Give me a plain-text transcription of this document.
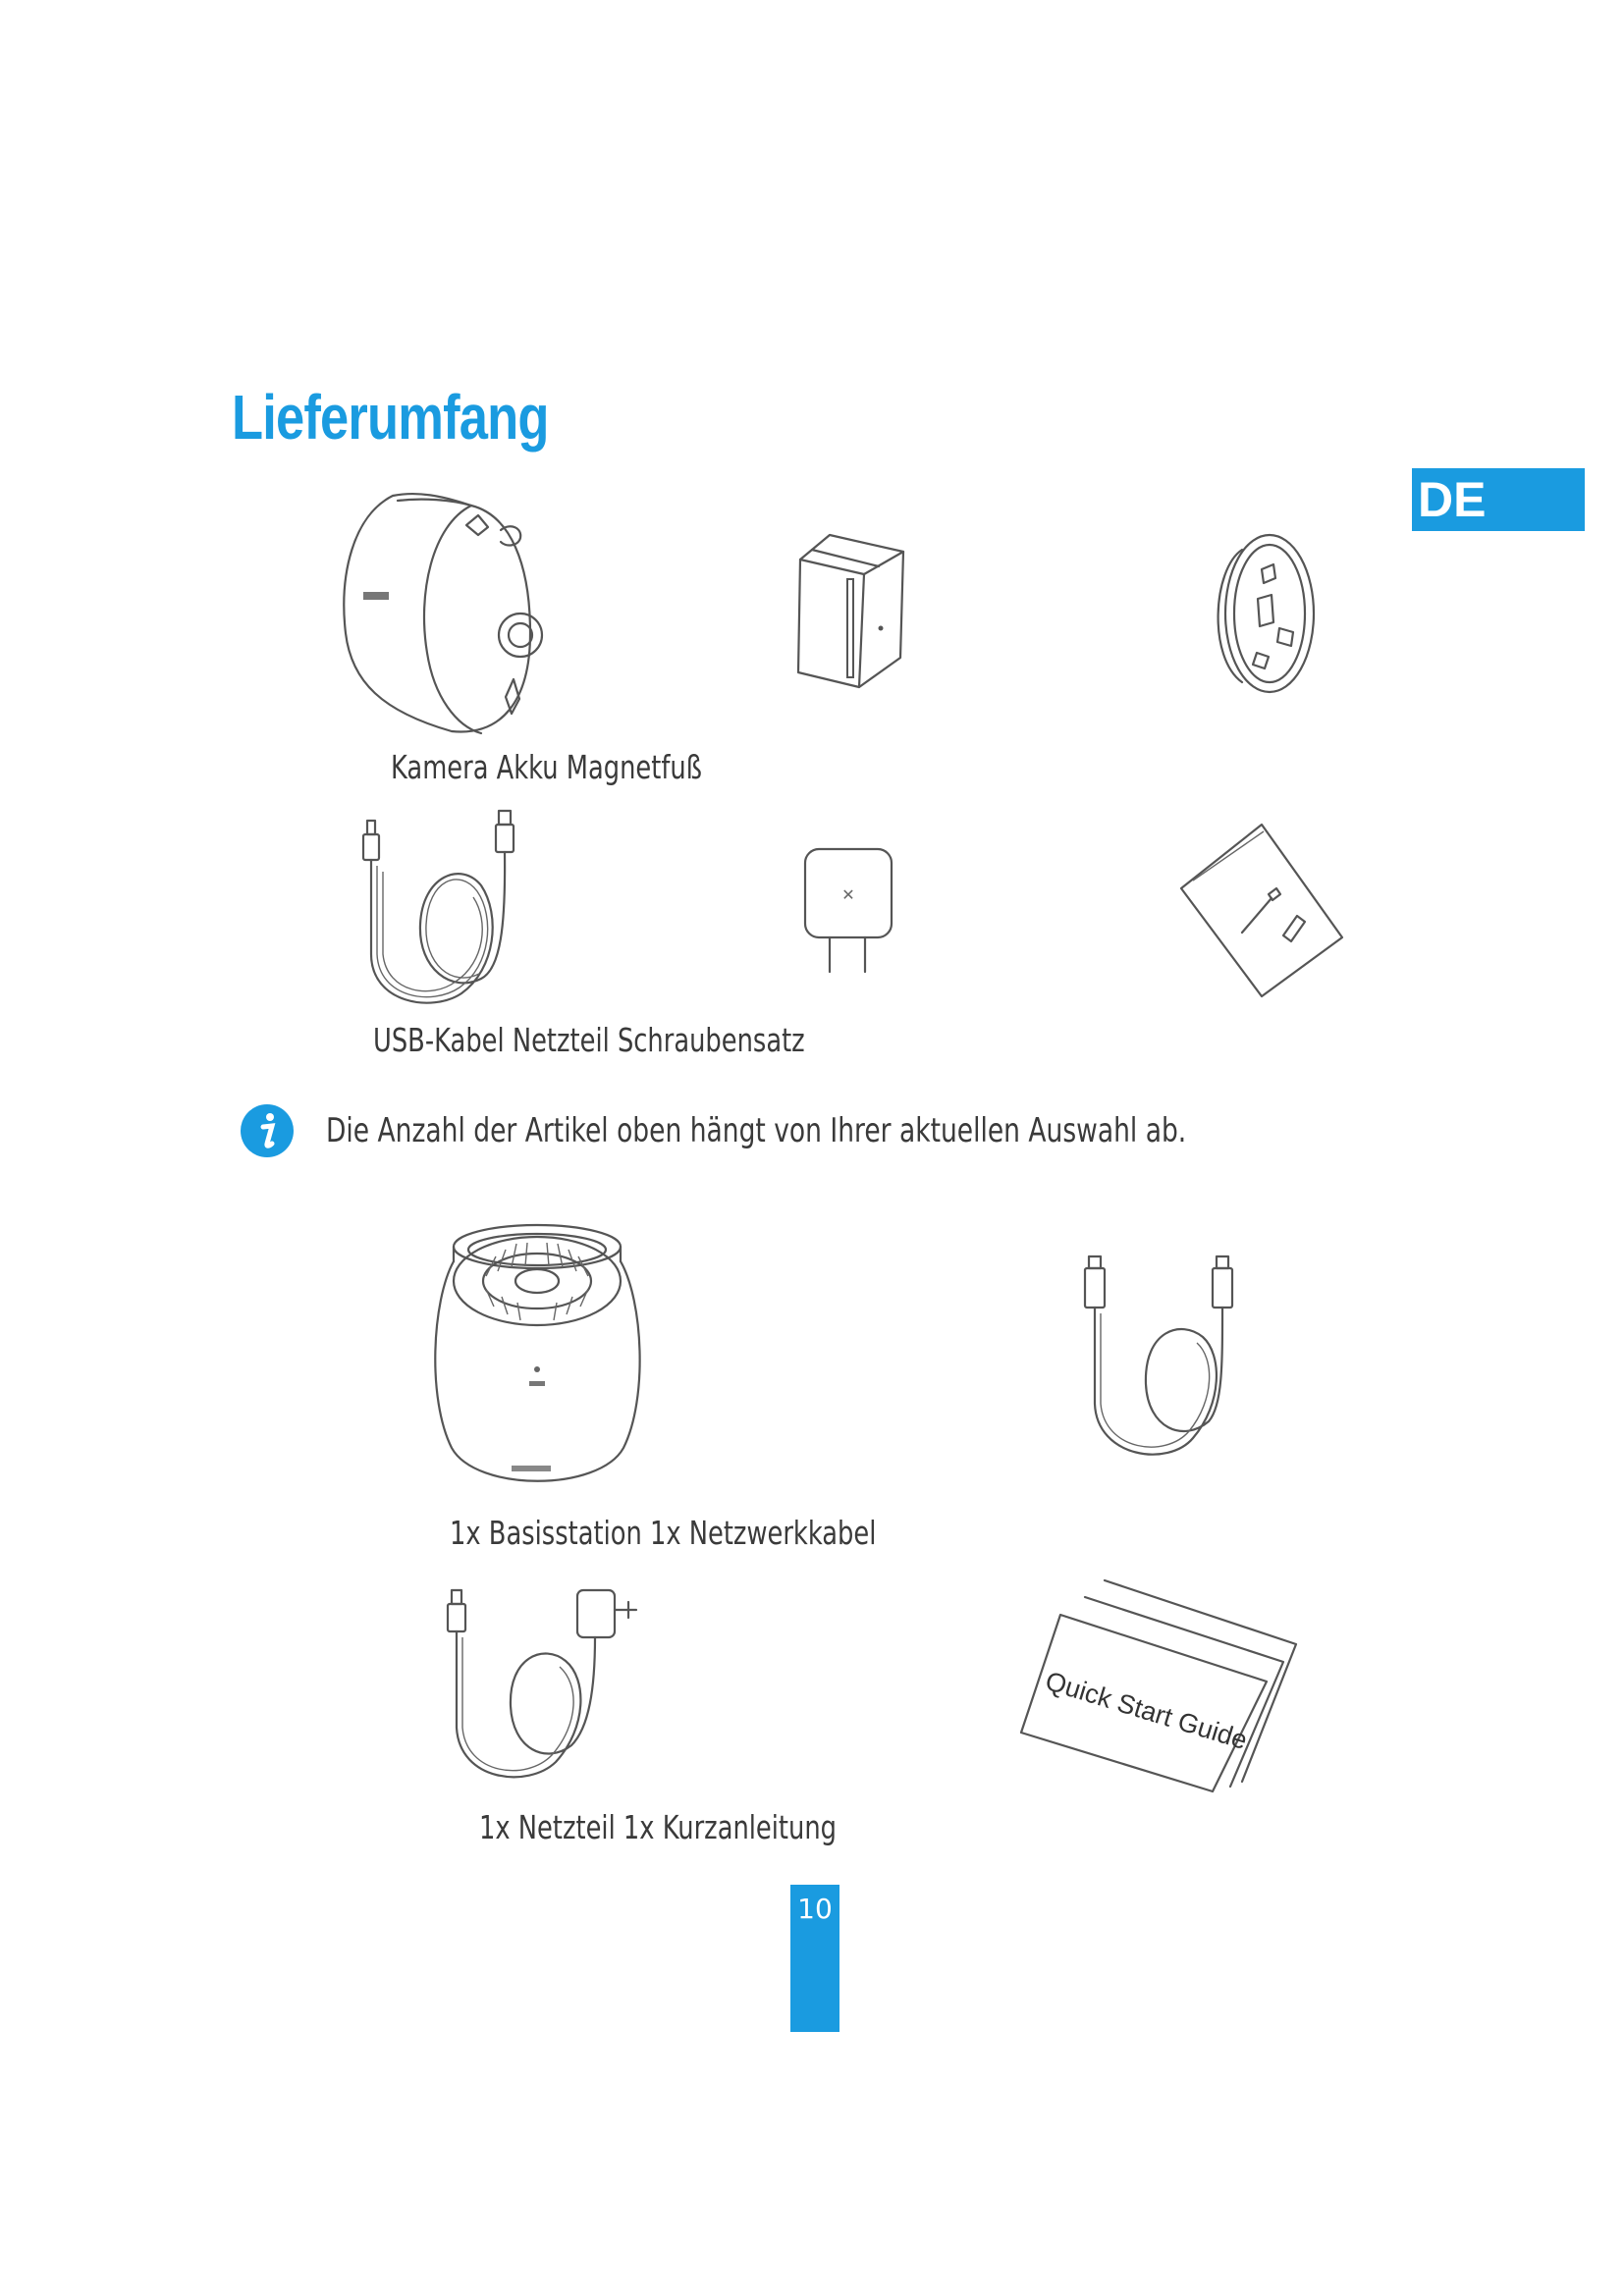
Lieferumfang
DE
Kamera Akku Magnetfuß
✕
USB-Kabel Netzteil Schraubensatz
Die Anzahl der Artikel oben hängt von Ihrer aktuellen Auswahl ab.
1x Basisstation 1x Netzwerkkabel
Quick Start Guide
1x Netzteil 1x Kurzanleitung
10
